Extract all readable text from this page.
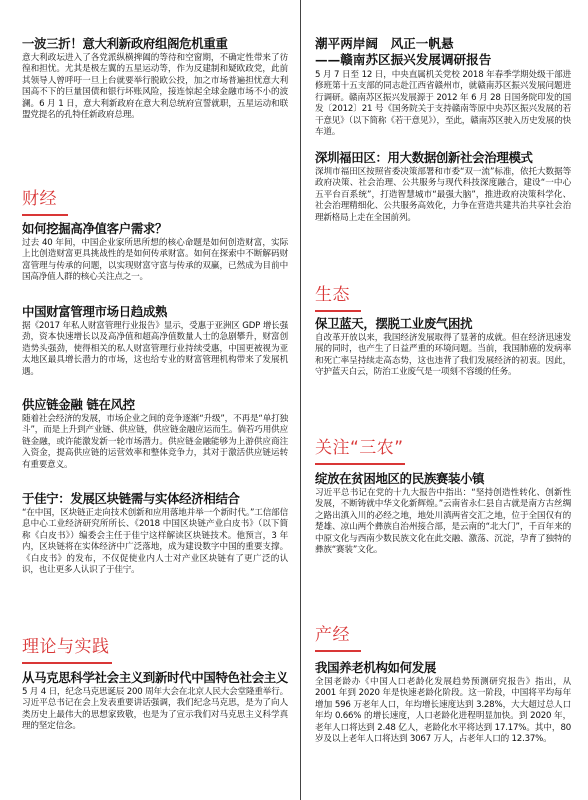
一波三折！意大利新政府组阁危机重重

意大利政坛进入了各党派纵横捭阖的等待和空窗期，不确定性带来了彷徨和担忧。尤其是极左翼的五星运动等，作为反建制和疑欧政党，此前其领导人曾呼吁一旦上台就要举行脱欧公投，加之市场普遍担忧意大利国高不下的巨量国债和银行坏账风险，接连惊起全球金融市场不小的波澜。6 月 1 日，意大利新政府在意大利总统府宣誓就职，五星运动和联盟党提名的孔特任新政府总理。

财经
如何挖掘高净值客户需求？

过去 40 年间，中国企业家所思所想的核心命题是如何创造财富，实际上比创造财富更具挑战性的是如何传承财富。如何在探索中不断解码财富管理与传承的问题，以实现财富守富与传承的双赢，已然成为目前中国高净值人群的核心关注点之一。

中国财富管理市场日趋成熟

据《2017 年私人财富管理行业报告》显示，受惠于亚洲区 GDP 增长强劲，资本快速增长以及高净值和超高净值数量人士的急剧攀升，财富创造势头强劲，使得相关的私人财富管理行业持续受惠，中国更被视为亚太地区最具增长潜力的市场，这也给专业的财富管理机构带来了发展机遇。

供应链金融 链在风控

随着社会经济的发展，市场企业之间的竞争逐渐“升级”，不再是“单打独斗”，而是上升到产业链、供应链，供应链金融应运而生。倘若巧用供应链金融，或许能激发新一轮市场潜力。供应链金融能够为上游供应商注入资金，提高供应链的运营效率和整体竞争力，其对于激活供应链运转有重要意义。

于佳宁：发展区块链需与实体经济相结合

“在中国，区块链正走向技术创新和应用落地并举一个新时代。”工信部信息中心工业经济研究所所长、《2018 中国区块链产业白皮书》（以下简称《白皮书》）编委会主任于佳宁这样解读区块链技术。他预言，3 年内，区块链将在实体经济中广泛落地，成为建设数字中国的重要支撑。《白皮书》的发布，不仅促使业内人士对产业区块链有了更广泛的认识，也让更多人认识了于佳宁。

理论与实践
从马克思科学社会主义到新时代中国特色社会主义

5 月 4 日，纪念马克思诞辰 200 周年大会在北京人民大会堂隆重举行。习近平总书记在会上发表重要讲话强调，我们纪念马克思，是为了向人类历史上最伟大的思想家致敬，也是为了宣示我们对马克思主义科学真理的坚定信念。

潮平两岸阔　风正一帆悬
——赣南苏区振兴发展调研报告

5 月 7 日至 12 日，中央直属机关党校 2018 年春季学期处级干部进修班第十五支部的同志赴江西省赣州市，就赣南苏区振兴发展问题进行调研。赣南苏区振兴发展源于 2012 年 6 月 28 日国务院印发的国发〔2012〕21 号《国务院关于支持赣南等原中央苏区振兴发展的若干意见》（以下简称《若干意见》），至此，赣南苏区驶入历史发展的快车道。

深圳福田区：用大数据创新社会治理模式

深圳市福田区按照省委决策部署和市委“双一流”标准，依托大数据等政府决策、社会治理、公共服务与现代科技深度融合，建设“一中心五平台百系统”，打造智慧城市“最强大脑”，推进政府决策科学化、社会治理精细化、公共服务高效化，力争在营造共建共治共享社会治理新格局上走在全国前列。

生态
保卫蓝天，摆脱工业废气困扰

自改革开放以来，我国经济发展取得了显著的成就。但在经济迅速发展的同时，也产生了日益严重的环境问题。当前，我国肺癌的发病率和死亡率呈持续走高态势，这也违背了我们发展经济的初衷。因此，守护蓝天白云，防治工业废气是一项刻不容缓的任务。

关注“三农”
绽放在贫困地区的民族赛装小镇

习近平总书记在党的十九大报告中指出：“坚持创造性转化、创新性发展，不断铸就中华文化新辉煌。”云南省永仁县自古就是南方古丝绸之路出滇入川的必经之地，地处川滇两省交汇之地，位于全国仅有的楚雄、凉山两个彝族自治州接合部，是云南的“北大门”，千百年来的中原文化与西南少数民族文化在此交融、激荡、沉淀，孕育了独特的彝族“赛装”文化。

产经
我国养老机构如何发展

全国老龄办《中国人口老龄化发展趋势预测研究报告》指出，从 2001 年到 2020 年是快速老龄化阶段。这一阶段，中国将平均每年增加 596 万老年人口，年均增长速度达到 3.28%，大大超过总人口年均 0.66% 的增长速度，人口老龄化进程明显加快。到 2020 年，老年人口将达到 2.48 亿人，老龄化水平将达到 17.17%。其中，80 岁及以上老年人口将达到 3067 万人，占老年人口的 12.37%。
